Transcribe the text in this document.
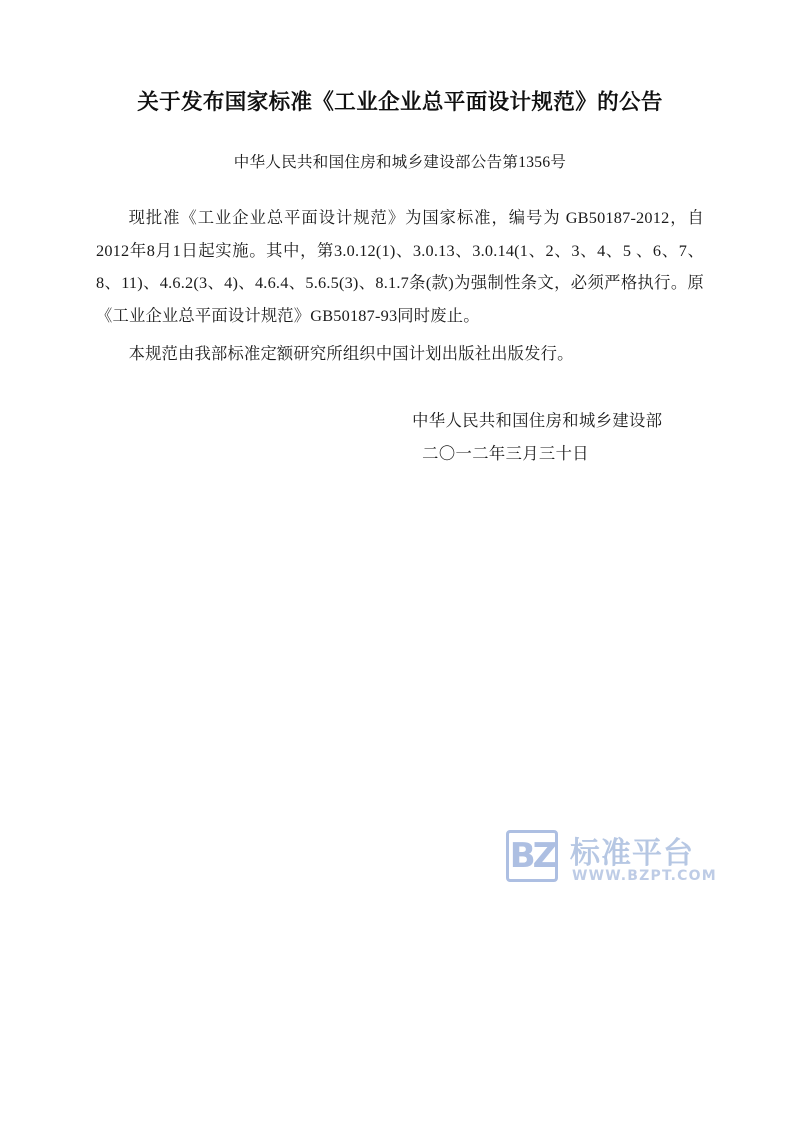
关于发布国家标准《工业企业总平面设计规范》的公告
中华人民共和国住房和城乡建设部公告第1356号

现批准《工业企业总平面设计规范》为国家标准，编号为 GB50187-2012，自2012年8月1日起实施。其中，第3.0.12(1)、3.0.13、3.0.14(1、2、3、4、5 、6、7、8、11)、4.6.2(3、4)、4.6.4、5.6.5(3)、8.1.7条(款)为强制性条文，必须严格执行。原《工业企业总平面设计规范》GB50187-93同时废止。

本规范由我部标准定额研究所组织中国计划出版社出版发行。

中华人民共和国住房和城乡建设部
二〇一二年三月三十日
BZ 标准平台
WWW.BZPT.COM
